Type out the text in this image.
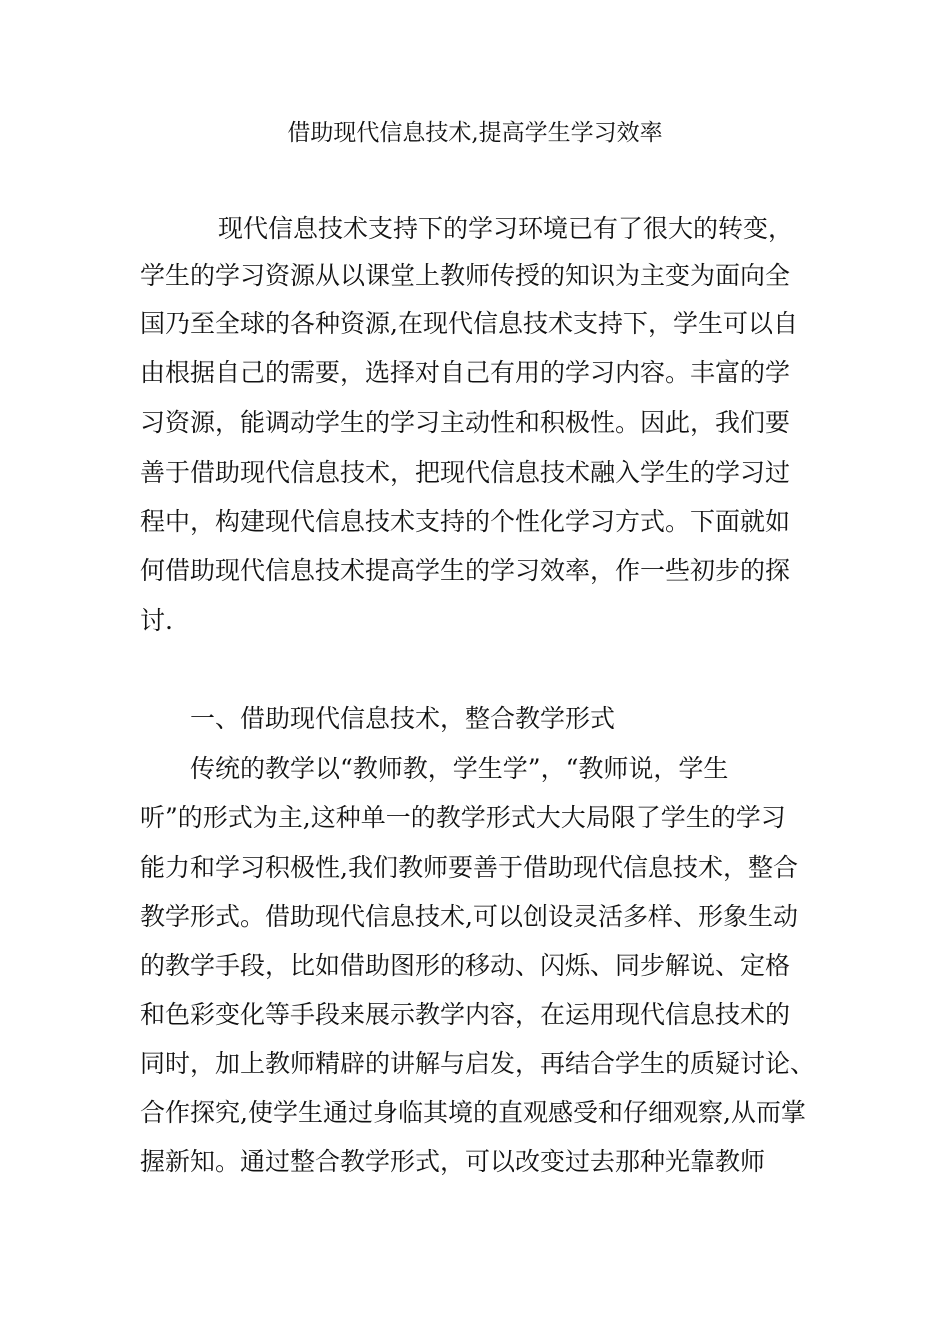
借助现代信息技术,提高学生学习效率

现代信息技术支持下的学习环境已有了很大的转变，

学生的学习资源从以课堂上教师传授的知识为主变为面向全

国乃至全球的各种资源,在现代信息技术支持下，学生可以自

由根据自己的需要，选择对自己有用的学习内容。丰富的学

习资源，能调动学生的学习主动性和积极性。因此，我们要

善于借助现代信息技术，把现代信息技术融入学生的学习过

程中，构建现代信息技术支持的个性化学习方式。下面就如

何借助现代信息技术提高学生的学习效率，作一些初步的探

讨.

一、借助现代信息技术，整合教学形式

传统的教学以“教师教，学生学”，“教师说，学生

听”的形式为主,这种单一的教学形式大大局限了学生的学习

能力和学习积极性,我们教师要善于借助现代信息技术，整合

教学形式。借助现代信息技术,可以创设灵活多样、形象生动

的教学手段，比如借助图形的移动、闪烁、同步解说、定格

和色彩变化等手段来展示教学内容，在运用现代信息技术的

同时，加上教师精辟的讲解与启发，再结合学生的质疑讨论、

合作探究,使学生通过身临其境的直观感受和仔细观察,从而掌

握新知。通过整合教学形式，可以改变过去那种光靠教师
